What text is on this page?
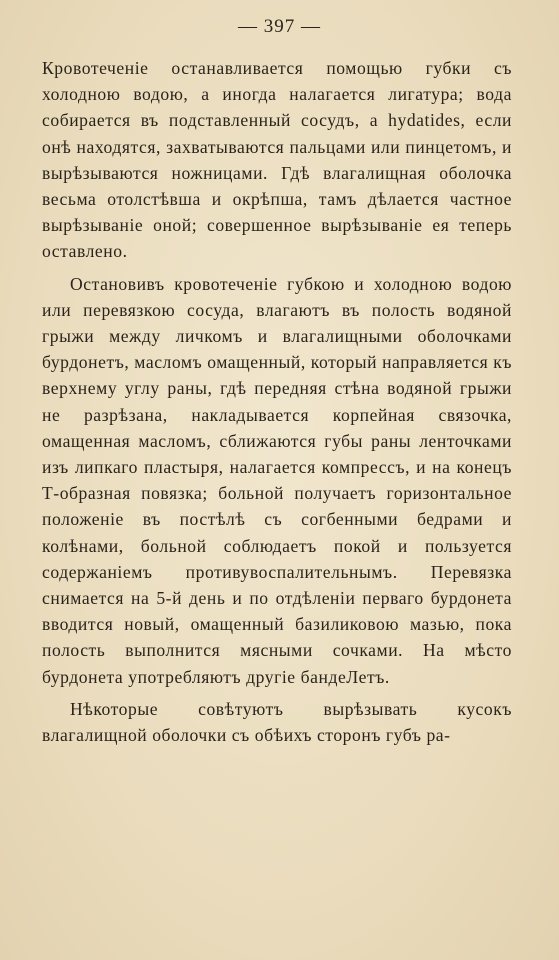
— 397 —

Кровотеченіе останавливается помощью губки съ холодною водою, а иногда налагается лигатура; вода собирается въ подставленный сосудъ, а hydatides, если онѣ находятся, захватываются пальцами или пинцетомъ, и вырѣзываются ножницами. Гдѣ влагалищная оболочка весьма отолстѣвша и окрѣпша, тамъ дѣлается частное вырѣзываніе оной; совершенное вырѣзываніе ея теперь оставлено.

Остановивъ кровотеченіе губкою и холодною водою или перевязкою сосуда, влагаютъ въ полость водяной грыжи между личкомъ и влагалищными оболочками бурдонетъ, масломъ омащенный, который направляется къ верхнему углу раны, гдѣ передняя стѣна водяной грыжи не разрѣзана, накладывается корпейная связочка, омащенная масломъ, сближаются губы раны ленточками изъ липкаго пластыря, налагается компрессъ, и на конецъ Т-образная повязка; больной получаетъ горизонтальное положеніе въ постѣлѣ съ согбенными бедрами и колѣнами, больной соблюдаетъ покой и пользуется содержаніемъ противувоспалительнымъ. Перевязка снимается на 5-й день и по отдѣленіи перваго бурдонета вводится новый, омащенный базиликовою мазью, пока полость выполнится мясными сочками. На мѣсто бурдонета употребляютъ другіе бандеЛетъ.

Нѣкоторые совѣтуютъ вырѣзывать кусокъ влагалищной оболочки съ обѣихъ сторонъ губъ ра-
